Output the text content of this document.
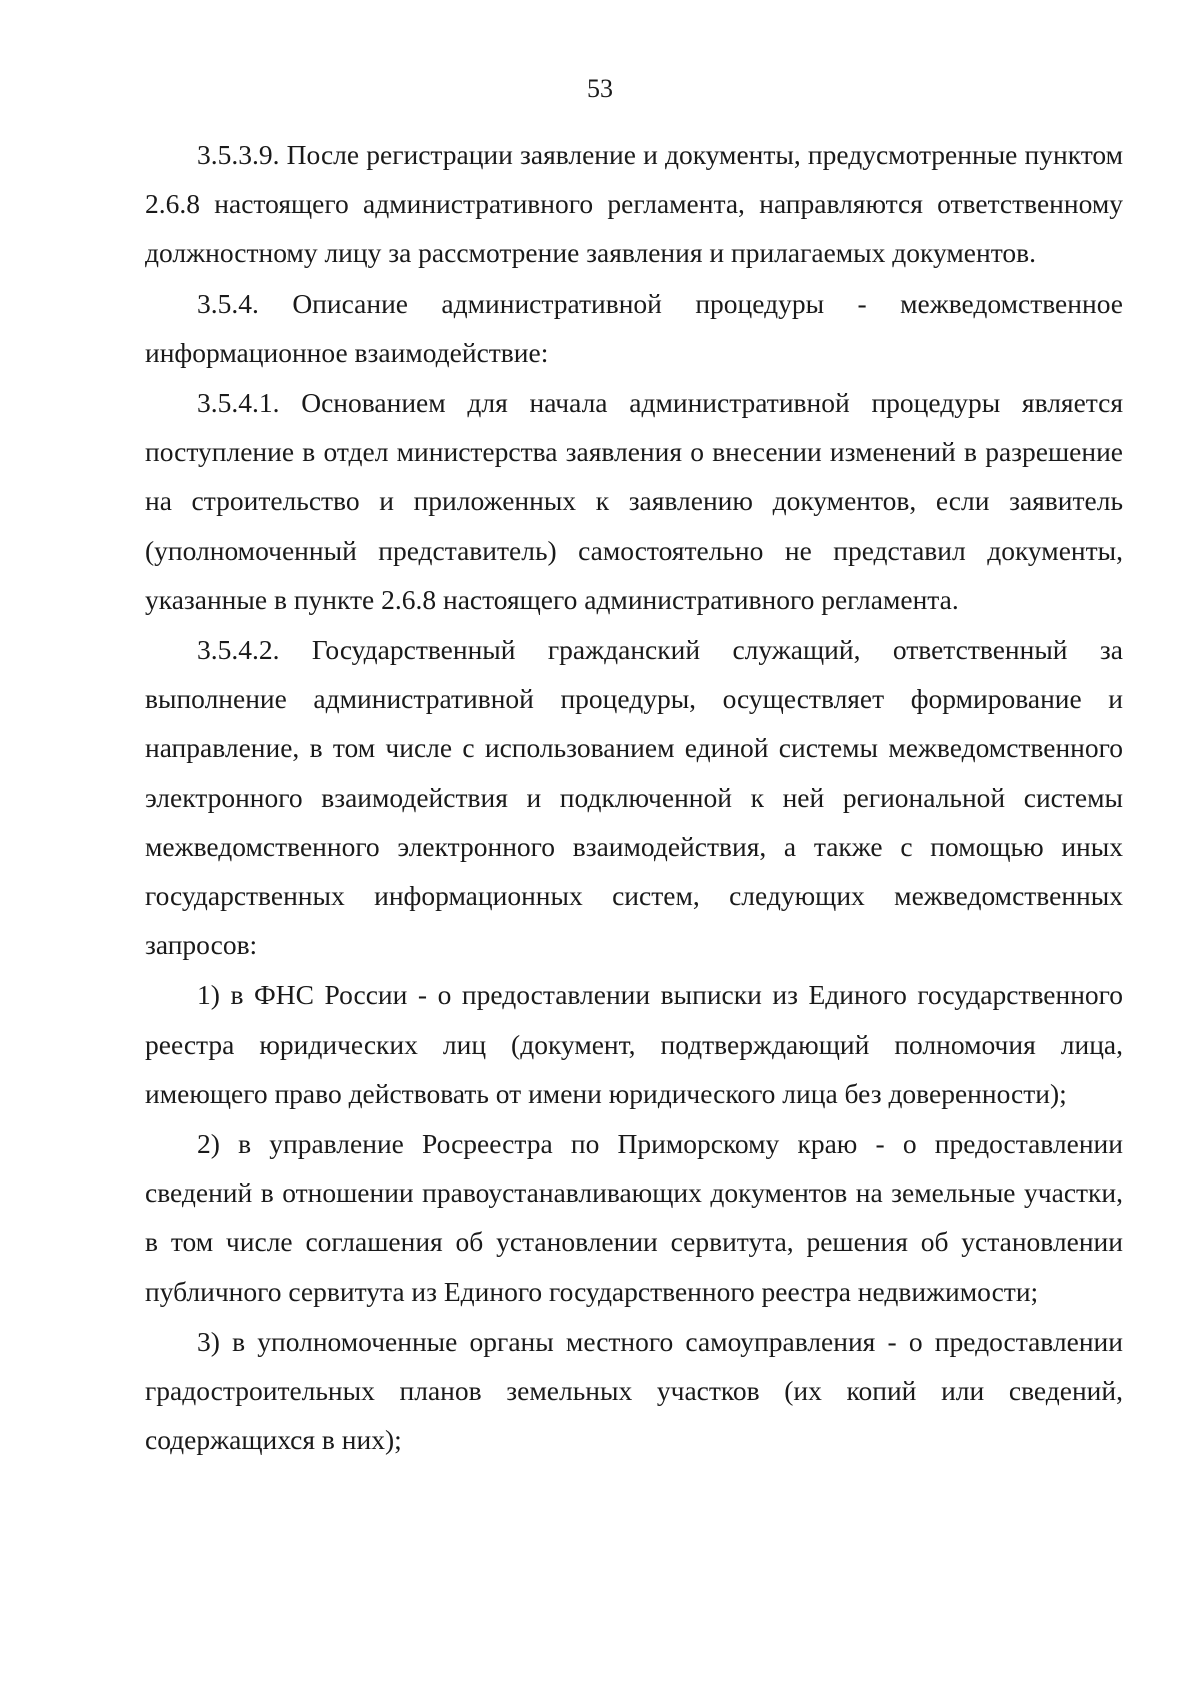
53

3.5.3.9. После регистрации заявление и документы, предусмотренные пунктом 2.6.8 настоящего административного регламента, направляются ответственному должностному лицу за рассмотрение заявления и прилагаемых документов.

3.5.4. Описание административной процедуры - межведомственное информационное взаимодействие:

3.5.4.1. Основанием для начала административной процедуры является поступление в отдел министерства заявления о внесении изменений в разрешение на строительство и приложенных к заявлению документов, если заявитель (уполномоченный представитель) самостоятельно не представил документы, указанные в пункте 2.6.8 настоящего административного регламента.

3.5.4.2. Государственный гражданский служащий, ответственный за выполнение административной процедуры, осуществляет формирование и направление, в том числе с использованием единой системы межведомственного электронного взаимодействия и подключенной к ней региональной системы межведомственного электронного взаимодействия, а также с помощью иных государственных информационных систем, следующих межведомственных запросов:

1) в ФНС России - о предоставлении выписки из Единого государственного реестра юридических лиц (документ, подтверждающий полномочия лица, имеющего право действовать от имени юридического лица без доверенности);

2) в управление Росреестра по Приморскому краю - о предоставлении сведений в отношении правоустанавливающих документов на земельные участки, в том числе соглашения об установлении сервитута, решения об установлении публичного сервитута из Единого государственного реестра недвижимости;

3) в уполномоченные органы местного самоуправления - о предоставлении градостроительных планов земельных участков (их копий или сведений, содержащихся в них);
